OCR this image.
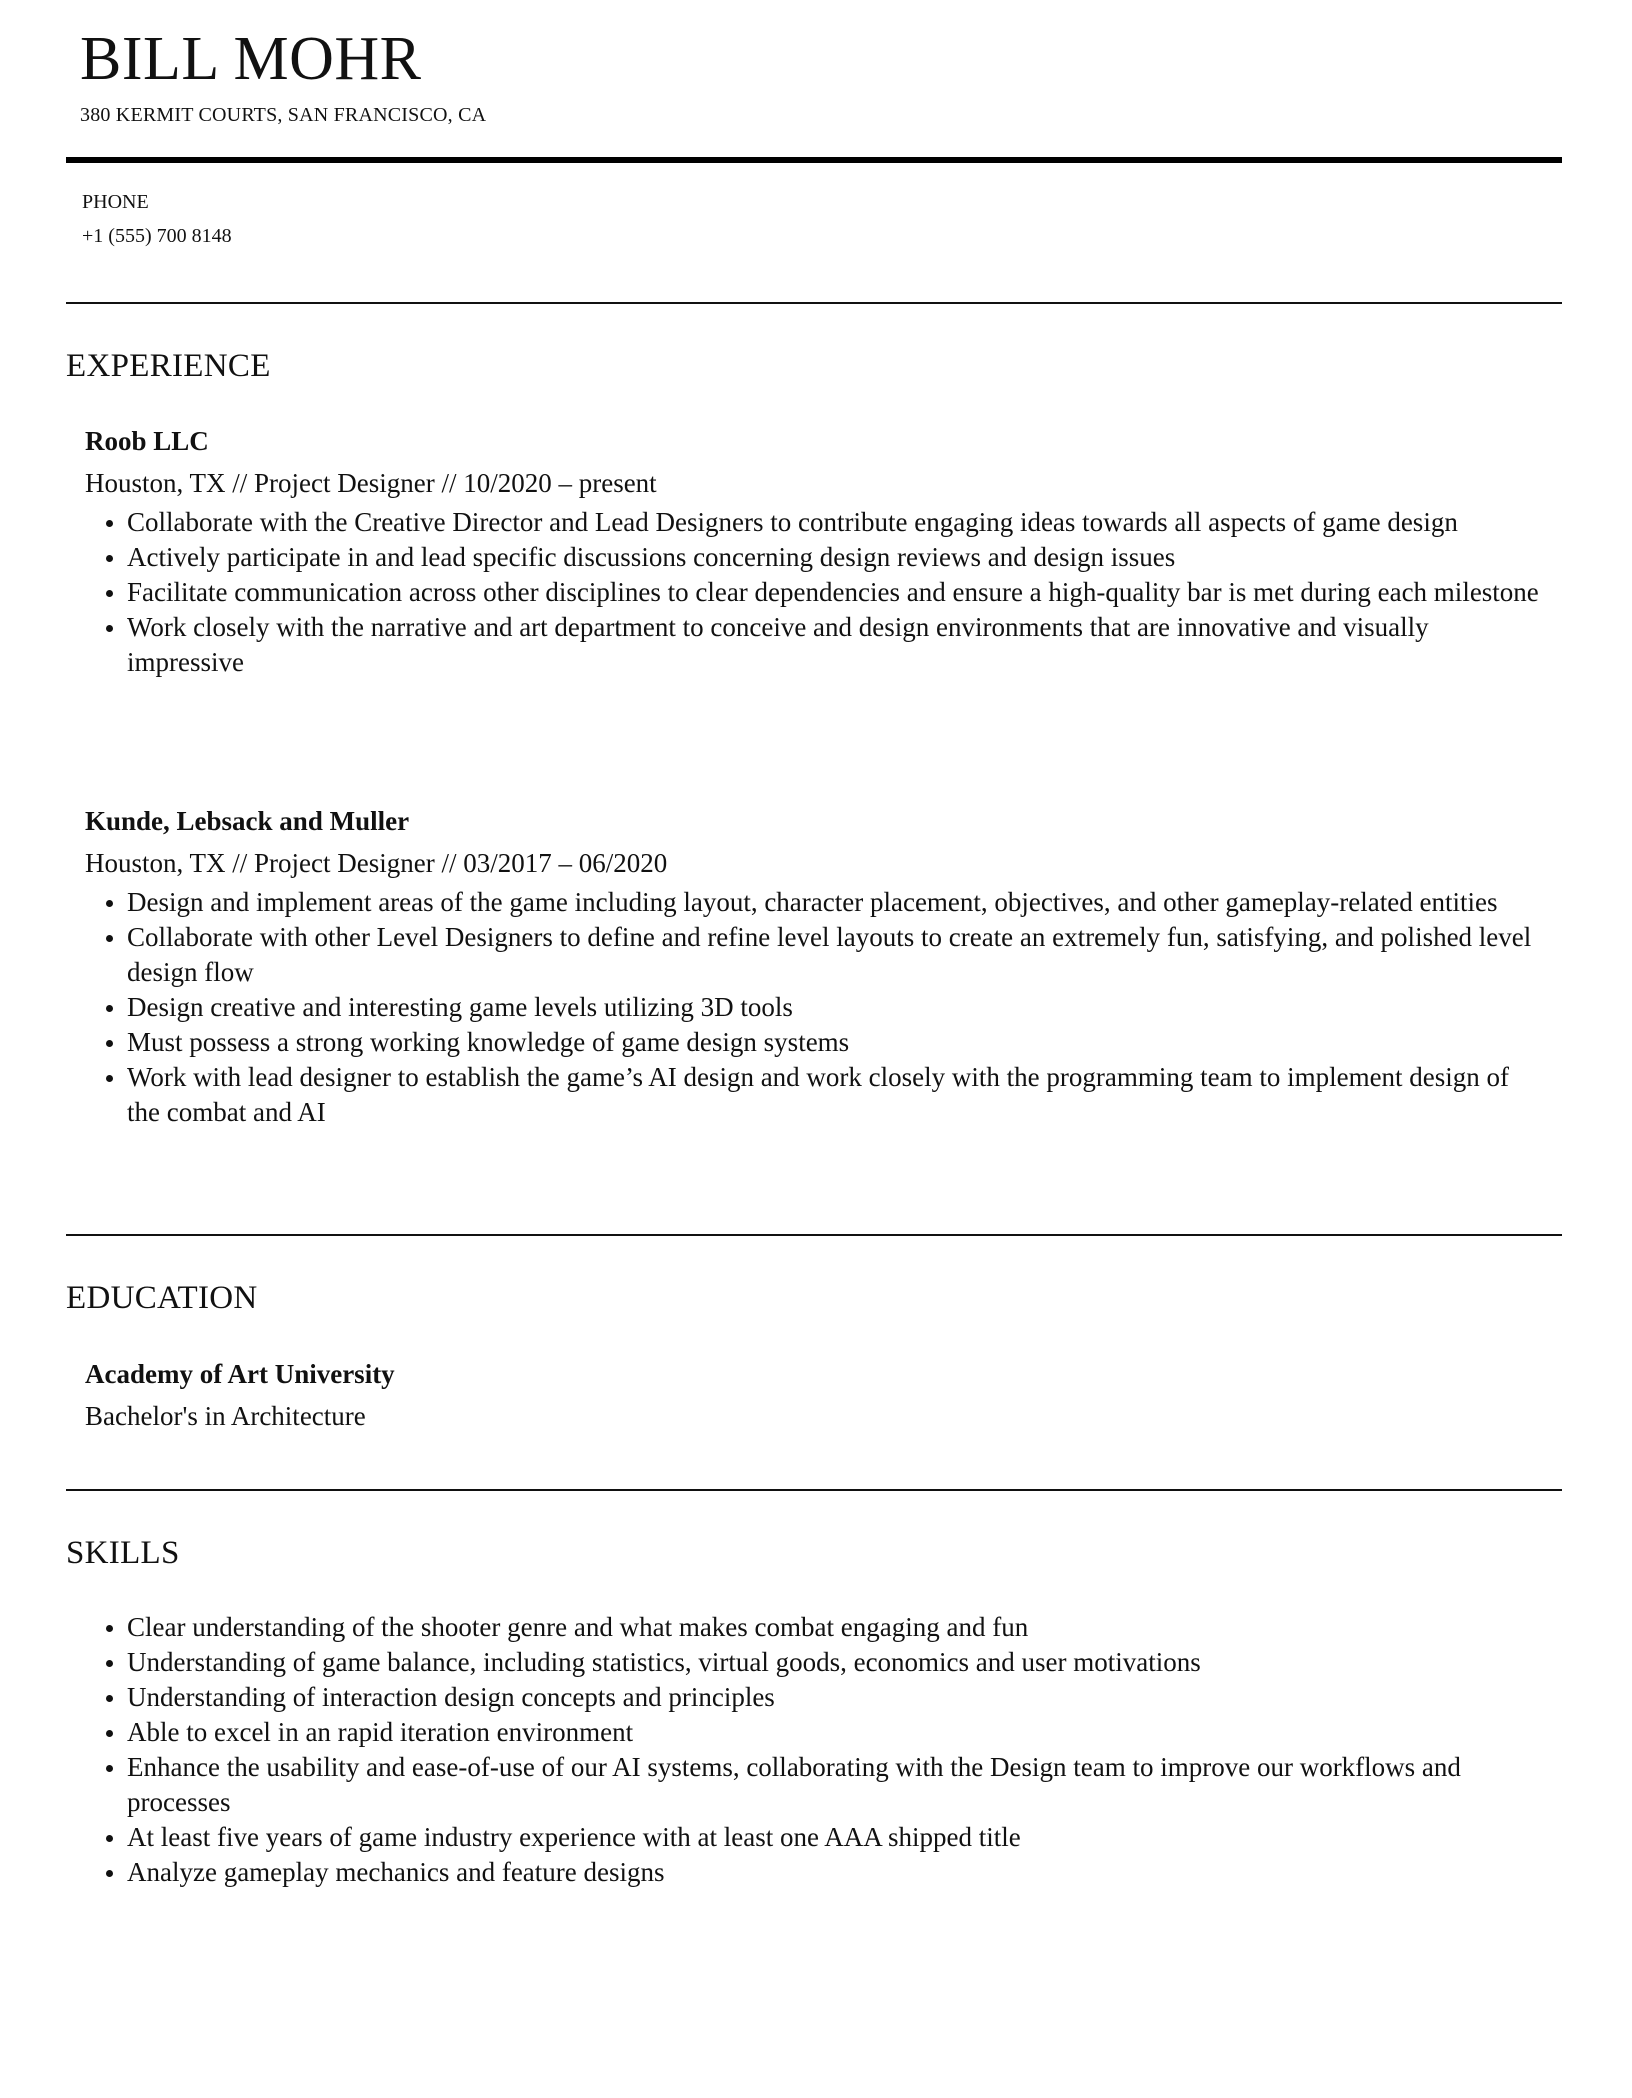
BILL MOHR
380 KERMIT COURTS, SAN FRANCISCO, CA
PHONE
+1 (555) 700 8148
EXPERIENCE
Roob LLC
Houston, TX // Project Designer // 10/2020 – present
Collaborate with the Creative Director and Lead Designers to contribute engaging ideas towards all aspects of game design
Actively participate in and lead specific discussions concerning design reviews and design issues
Facilitate communication across other disciplines to clear dependencies and ensure a high-quality bar is met during each milestone
Work closely with the narrative and art department to conceive and design environments that are innovative and visually impressive
Kunde, Lebsack and Muller
Houston, TX // Project Designer // 03/2017 – 06/2020
Design and implement areas of the game including layout, character placement, objectives, and other gameplay-related entities
Collaborate with other Level Designers to define and refine level layouts to create an extremely fun, satisfying, and polished level design flow
Design creative and interesting game levels utilizing 3D tools
Must possess a strong working knowledge of game design systems
Work with lead designer to establish the game’s AI design and work closely with the programming team to implement design of the combat and AI
EDUCATION
Academy of Art University
Bachelor's in Architecture
SKILLS
Clear understanding of the shooter genre and what makes combat engaging and fun
Understanding of game balance, including statistics, virtual goods, economics and user motivations
Understanding of interaction design concepts and principles
Able to excel in an rapid iteration environment
Enhance the usability and ease-of-use of our AI systems, collaborating with the Design team to improve our workflows and processes
At least five years of game industry experience with at least one AAA shipped title
Analyze gameplay mechanics and feature designs
